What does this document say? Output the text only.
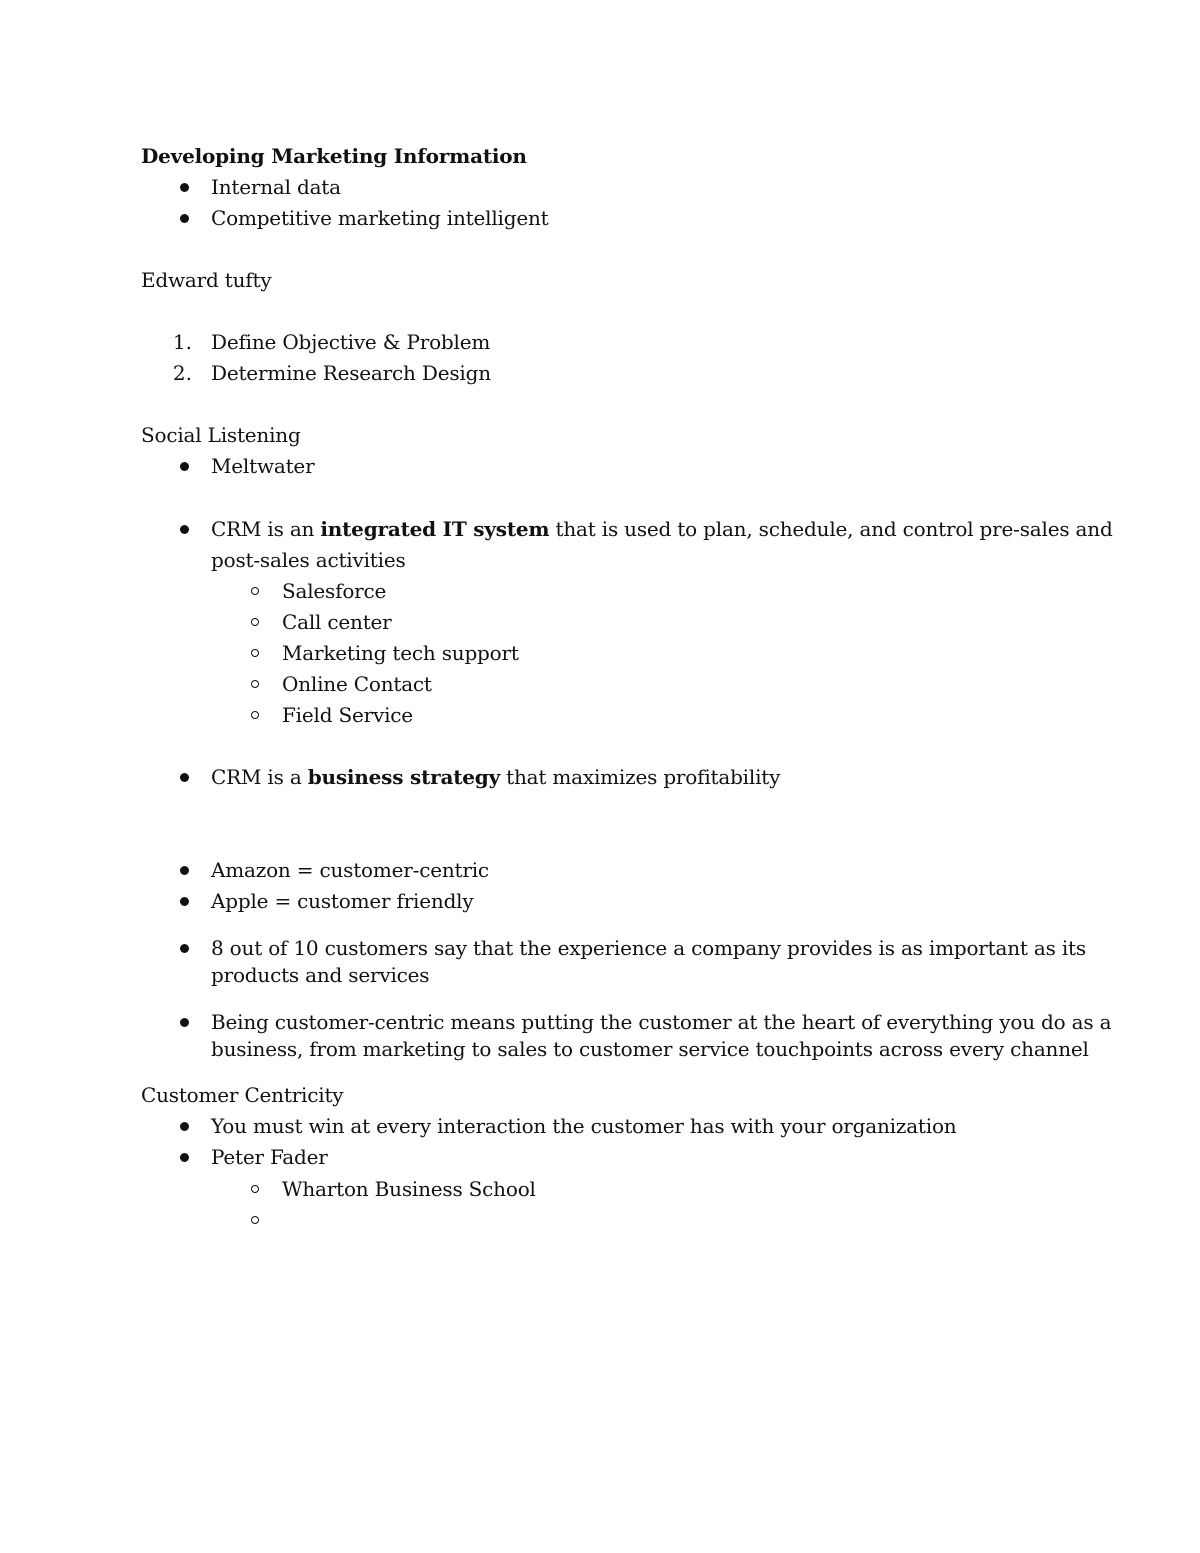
Developing Marketing Information
Internal data
Competitive marketing intelligent
Edward tufty
1. Define Objective & Problem
2. Determine Research Design
Social Listening
Meltwater
CRM is an integrated IT system that is used to plan, schedule, and control pre-sales and
post-sales activities
Salesforce
Call center
Marketing tech support
Online Contact
Field Service
CRM is a business strategy that maximizes profitability
Amazon = customer-centric
Apple = customer friendly
8 out of 10 customers say that the experience a company provides is as important as its
products and services
Being customer-centric means putting the customer at the heart of everything you do as a
business, from marketing to sales to customer service touchpoints across every channel
Customer Centricity
You must win at every interaction the customer has with your organization
Peter Fader
Wharton Business School
